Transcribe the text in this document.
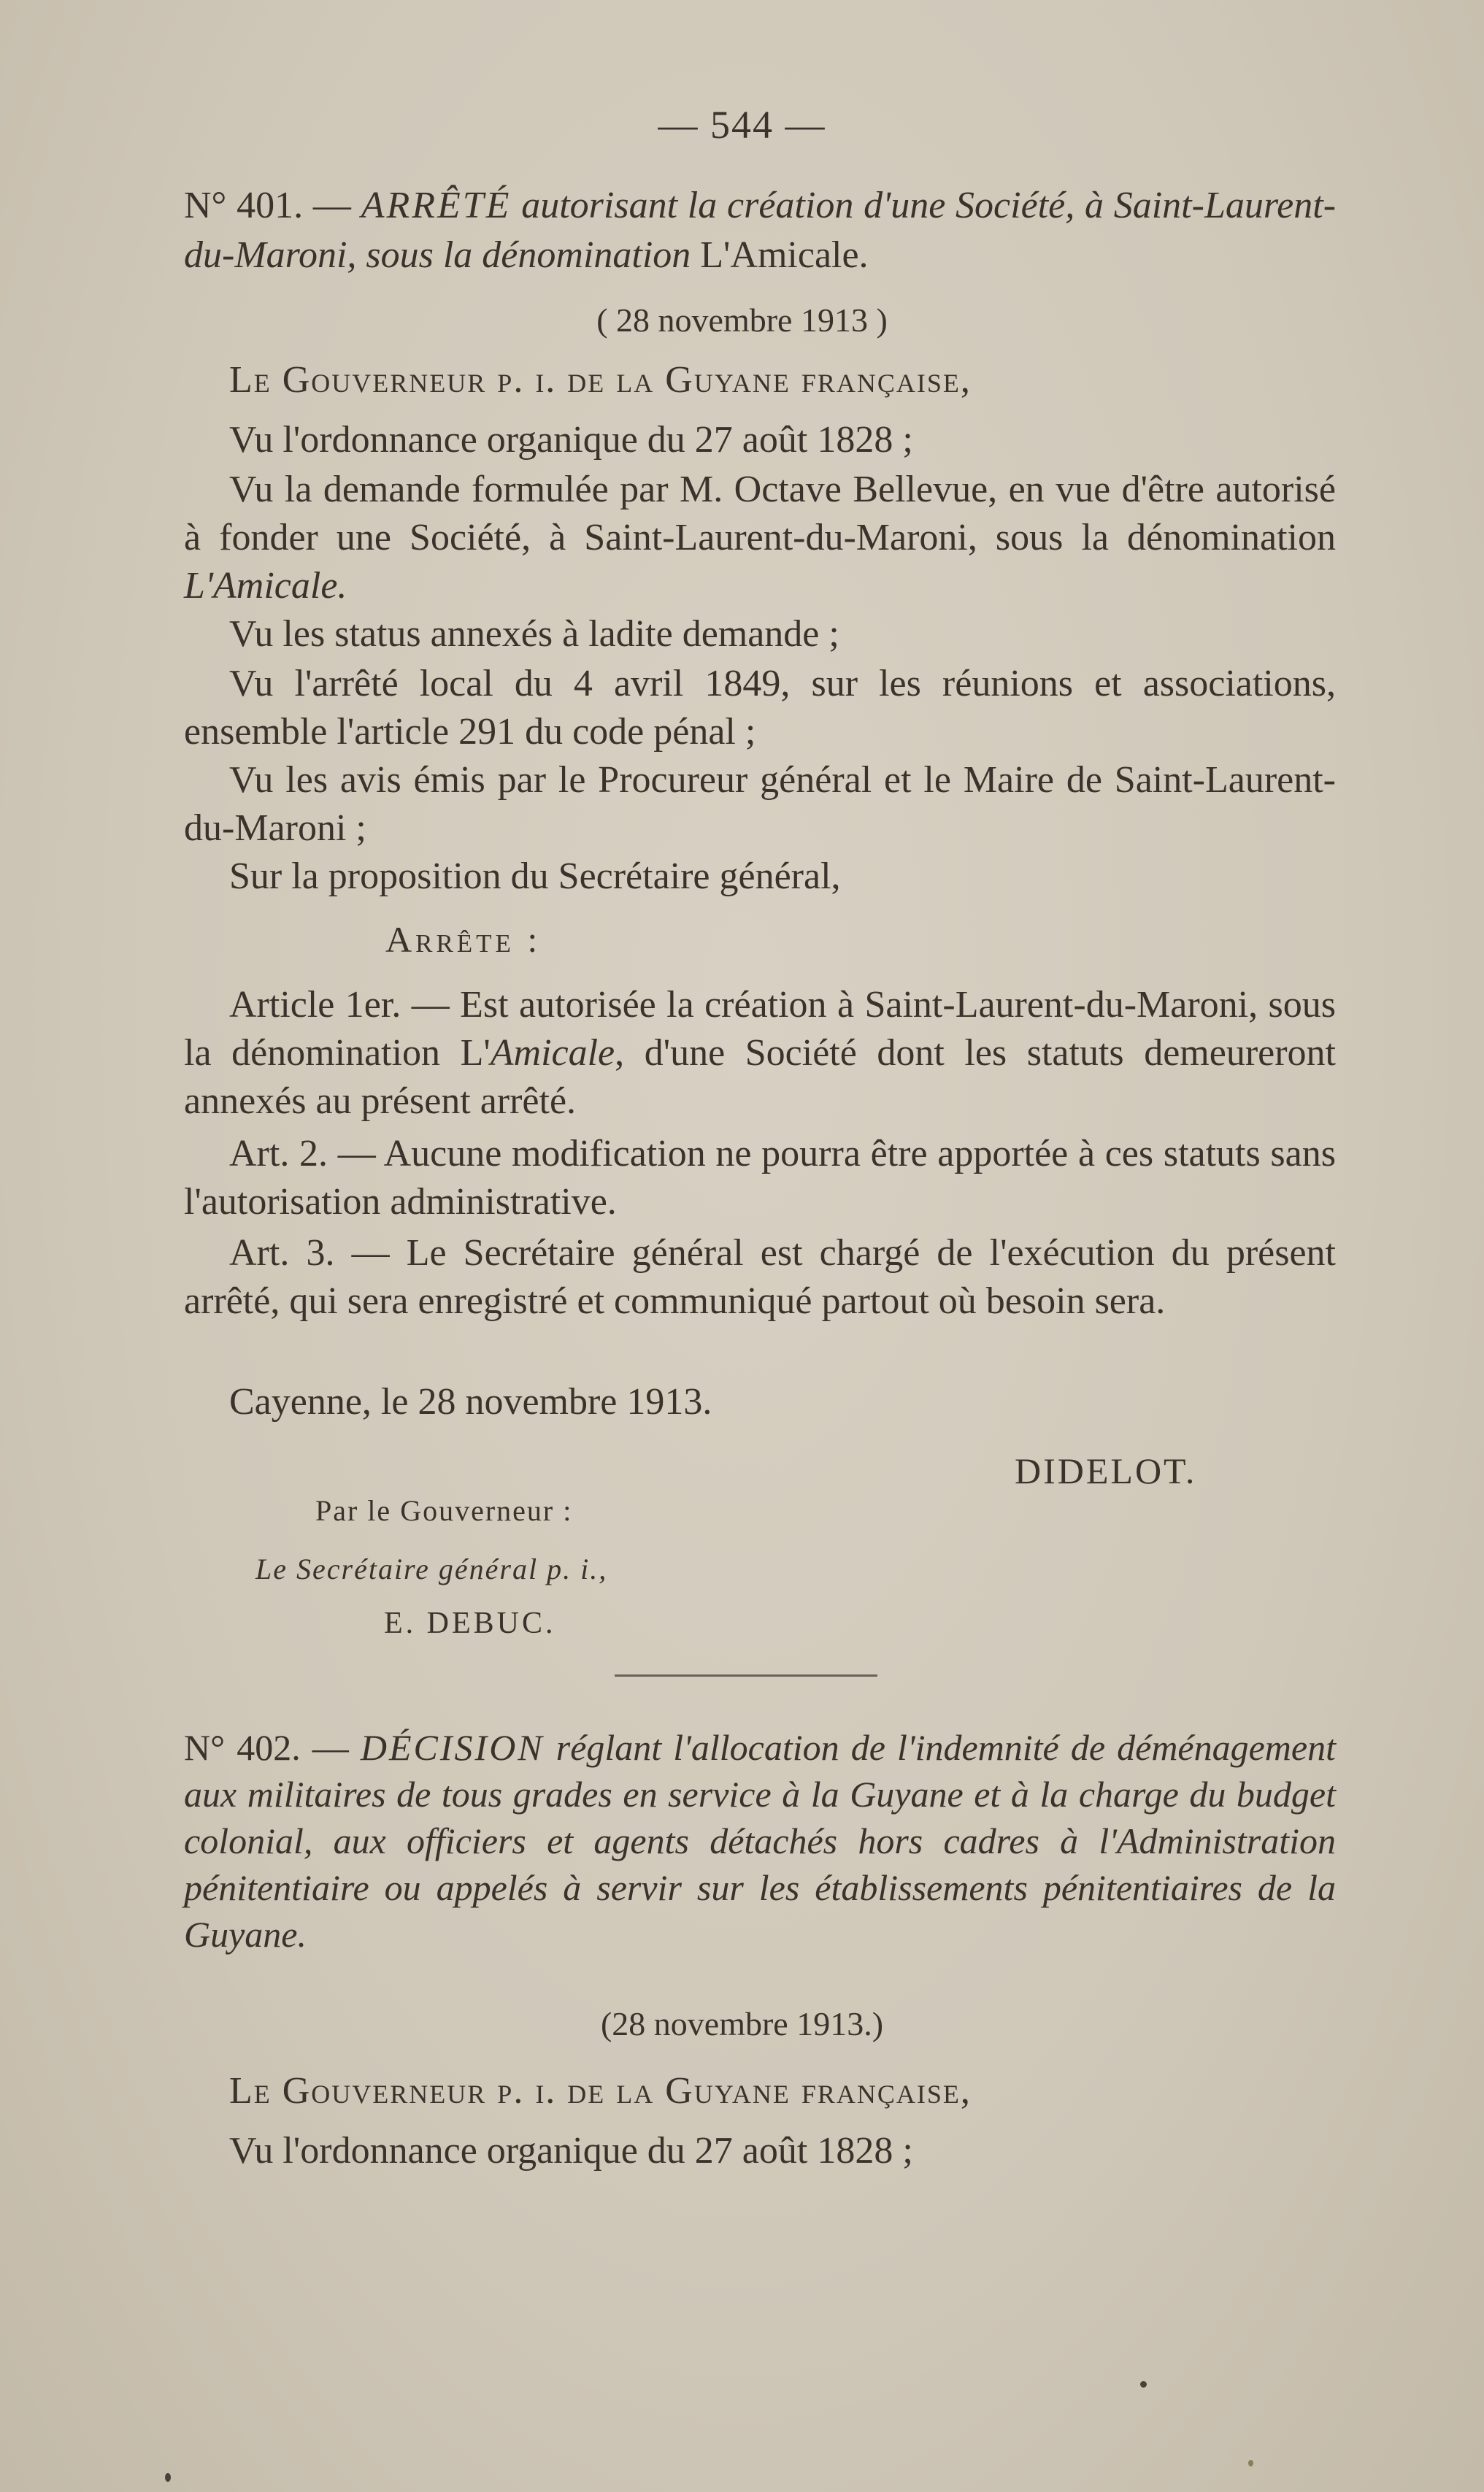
— 544 —

N° 401. — ARRÊTÉ autorisant la création d'une Société, à Saint-Laurent-du-Maroni, sous la dénomination L'Amicale.

( 28 novembre 1913 )

Le Gouverneur p. i. de la Guyane française,

Vu l'ordonnance organique du 27 août 1828 ;

Vu la demande formulée par M. Octave Bellevue, en vue d'être autorisé à fonder une Société, à Saint-Laurent-du-Maroni, sous la dénomination L'Amicale.

Vu les status annexés à ladite demande ;

Vu l'arrêté local du 4 avril 1849, sur les réunions et associations, ensemble l'article 291 du code pénal ;

Vu les avis émis par le Procureur général et le Maire de Saint-Laurent-du-Maroni ;

Sur la proposition du Secrétaire général,

Arrête :

Article 1er. — Est autorisée la création à Saint-Laurent-du-Maroni, sous la dénomination L'Amicale, d'une Société dont les statuts demeureront annexés au présent arrêté.

Art. 2. — Aucune modification ne pourra être apportée à ces statuts sans l'autorisation administrative.

Art. 3. — Le Secrétaire général est chargé de l'exécution du présent arrêté, qui sera enregistré et communiqué partout où besoin sera.

Cayenne, le 28 novembre 1913.

DIDELOT.

Par le Gouverneur :

Le Secrétaire général p. i.,

E. DEBUC.

N° 402. — DÉCISION réglant l'allocation de l'indemnité de déménagement aux militaires de tous grades en service à la Guyane et à la charge du budget colonial, aux officiers et agents détachés hors cadres à l'Administration pénitentiaire ou appelés à servir sur les établissements pénitentiaires de la Guyane.

(28 novembre 1913.)

Le Gouverneur p. i. de la Guyane française,

Vu l'ordonnance organique du 27 août 1828 ;
